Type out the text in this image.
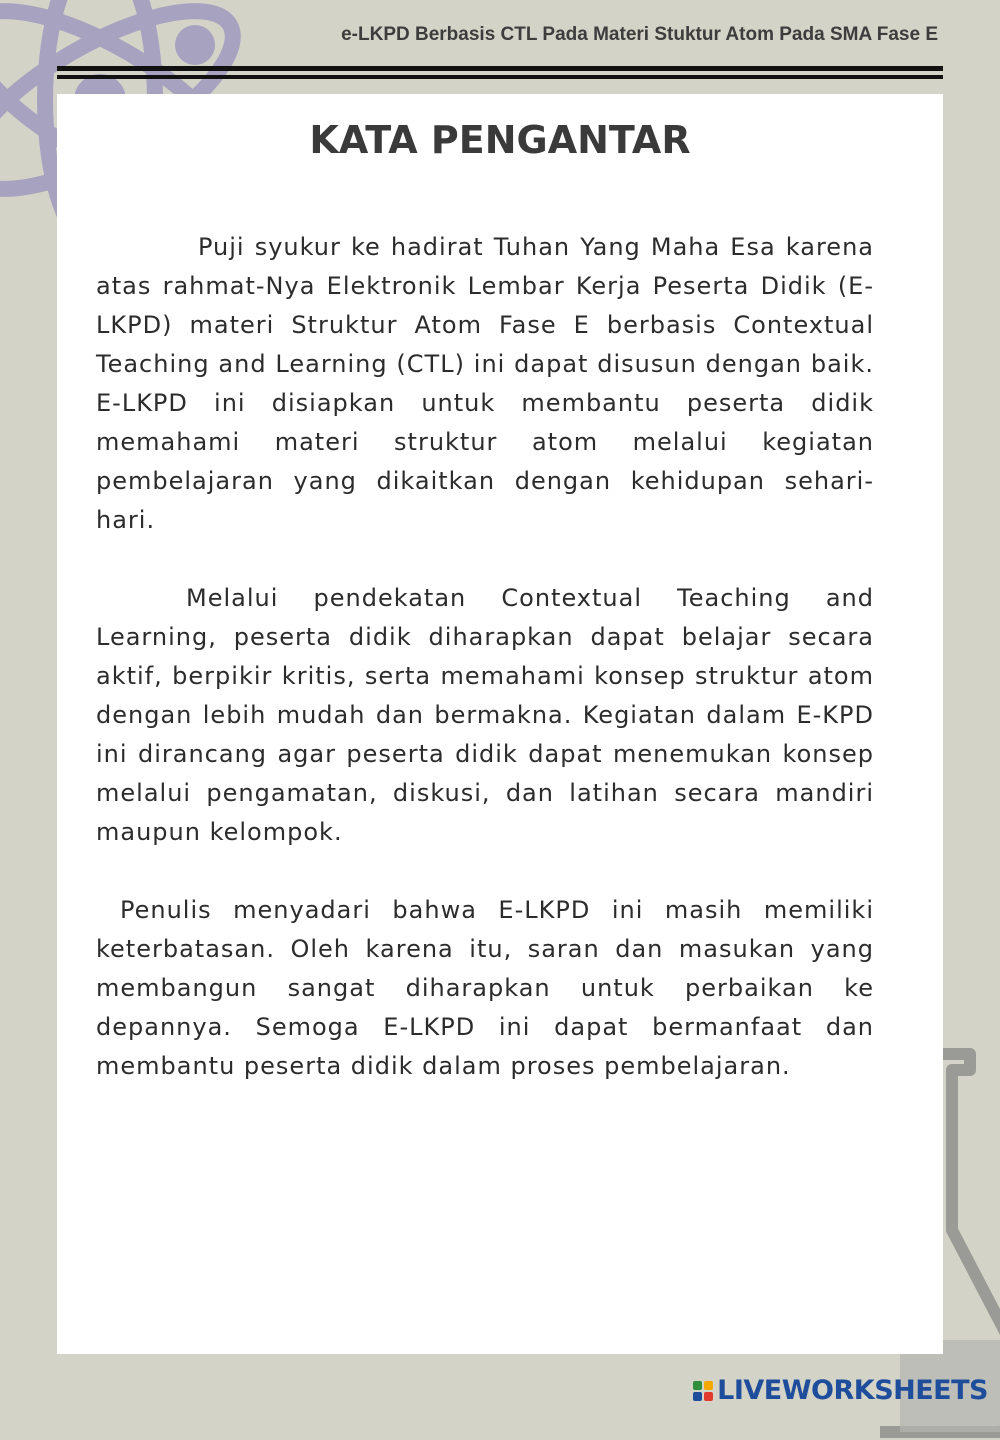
e-LKPD Berbasis CTL Pada Materi Stuktur Atom Pada SMA Fase E
KATA PENGANTAR

Puji syukur ke hadirat Tuhan Yang Maha Esa karena atas rahmat-Nya Elektronik Lembar Kerja Peserta Didik (E-LKPD) materi Struktur Atom Fase E berbasis Contextual Teaching and Learning (CTL) ini dapat disusun dengan baik. E-LKPD ini disiapkan untuk membantu peserta didik memahami materi struktur atom melalui kegiatan pembelajaran yang dikaitkan dengan kehidupan sehari-hari.

Melalui pendekatan Contextual Teaching and Learning, peserta didik diharapkan dapat belajar secara aktif, berpikir kritis, serta memahami konsep struktur atom dengan lebih mudah dan bermakna. Kegiatan dalam E-KPD ini dirancang agar peserta didik dapat menemukan konsep melalui pengamatan, diskusi, dan latihan secara mandiri maupun kelompok.

Penulis menyadari bahwa E-LKPD ini masih memiliki keterbatasan. Oleh karena itu, saran dan masukan yang membangun sangat diharapkan untuk perbaikan ke depannya. Semoga E-LKPD ini dapat bermanfaat dan membantu peserta didik dalam proses pembelajaran.

LIVEWORKSHEETS
